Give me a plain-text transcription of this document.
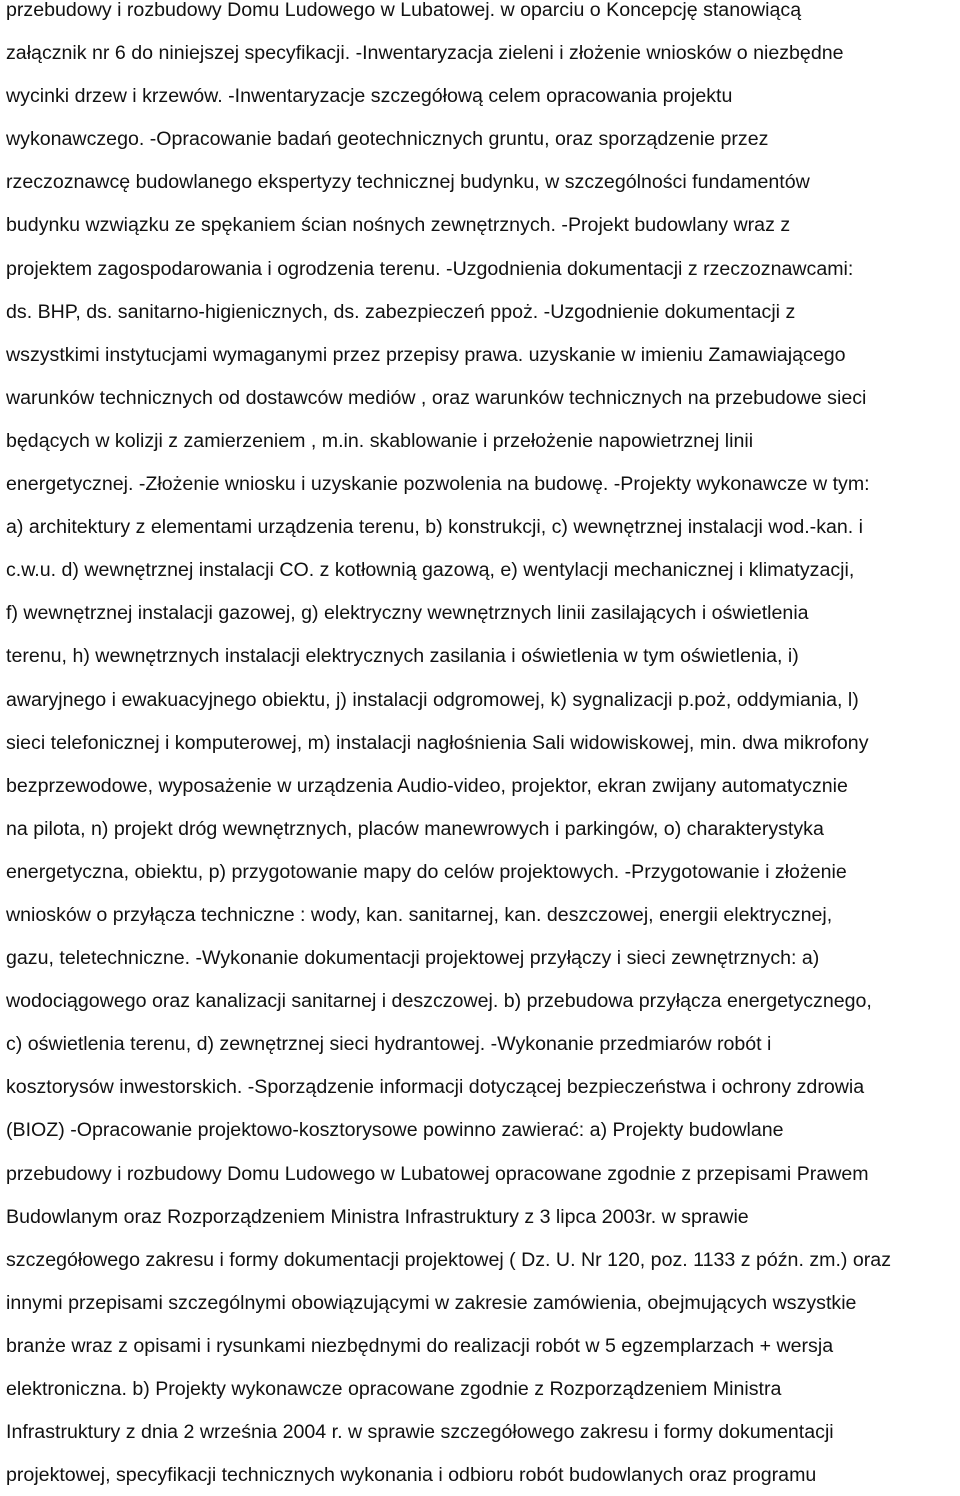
przebudowy i rozbudowy Domu Ludowego w Lubatowej. w oparciu o Koncepcję stanowiącą
załącznik nr 6 do niniejszej specyfikacji. -Inwentaryzacja zieleni i złożenie wniosków o niezbędne
wycinki drzew i krzewów. -Inwentaryzacje szczegółową celem opracowania projektu
wykonawczego. -Opracowanie badań geotechnicznych gruntu, oraz sporządzenie przez
rzeczoznawcę budowlanego ekspertyzy technicznej budynku, w szczególności fundamentów
budynku wzwiązku ze spękaniem ścian nośnych zewnętrznych. -Projekt budowlany wraz z
projektem zagospodarowania i ogrodzenia terenu. -Uzgodnienia dokumentacji z rzeczoznawcami:
ds. BHP, ds. sanitarno-higienicznych, ds. zabezpieczeń ppoż. -Uzgodnienie dokumentacji z
wszystkimi instytucjami wymaganymi przez przepisy prawa. uzyskanie w imieniu Zamawiającego
warunków technicznych od dostawców mediów , oraz warunków technicznych na przebudowe sieci
będących w kolizji z zamierzeniem , m.in. skablowanie i przełożenie napowietrznej linii
energetycznej. -Złożenie wniosku i uzyskanie pozwolenia na budowę. -Projekty wykonawcze w tym:
a) architektury z elementami urządzenia terenu, b) konstrukcji, c) wewnętrznej instalacji wod.-kan. i
c.w.u. d) wewnętrznej instalacji CO. z kotłownią gazową, e) wentylacji mechanicznej i klimatyzacji,
f) wewnętrznej instalacji gazowej, g) elektryczny wewnętrznych linii zasilających i oświetlenia
terenu, h) wewnętrznych instalacji elektrycznych zasilania i oświetlenia w tym oświetlenia, i)
awaryjnego i ewakuacyjnego obiektu, j) instalacji odgromowej, k) sygnalizacji p.poż, oddymiania, l)
sieci telefonicznej i komputerowej, m) instalacji nagłośnienia Sali widowiskowej, min. dwa mikrofony
bezprzewodowe, wyposażenie w urządzenia Audio-video, projektor, ekran zwijany automatycznie
na pilota, n) projekt dróg wewnętrznych, placów manewrowych i parkingów, o) charakterystyka
energetyczna, obiektu, p) przygotowanie mapy do celów projektowych. -Przygotowanie i złożenie
wniosków o przyłącza techniczne : wody, kan. sanitarnej, kan. deszczowej, energii elektrycznej,
gazu, teletechniczne. -Wykonanie dokumentacji projektowej przyłączy i sieci zewnętrznych: a)
wodociągowego oraz kanalizacji sanitarnej i deszczowej. b) przebudowa przyłącza energetycznego,
c) oświetlenia terenu, d) zewnętrznej sieci hydrantowej. -Wykonanie przedmiarów robót i
kosztorysów inwestorskich. -Sporządzenie informacji dotyczącej bezpieczeństwa i ochrony zdrowia
(BIOZ) -Opracowanie projektowo-kosztorysowe powinno zawierać: a) Projekty budowlane
przebudowy i rozbudowy Domu Ludowego w Lubatowej opracowane zgodnie z przepisami Prawem
Budowlanym oraz Rozporządzeniem Ministra Infrastruktury z 3 lipca 2003r. w sprawie
szczegółowego zakresu i formy dokumentacji projektowej ( Dz. U. Nr 120, poz. 1133 z późn. zm.) oraz
innymi przepisami szczególnymi obowiązującymi w zakresie zamówienia, obejmujących wszystkie
branże wraz z opisami i rysunkami niezbędnymi do realizacji robót w 5 egzemplarzach + wersja
elektroniczna. b) Projekty wykonawcze opracowane zgodnie z Rozporządzeniem Ministra
Infrastruktury z dnia 2 września 2004 r. w sprawie szczegółowego zakresu i formy dokumentacji
projektowej, specyfikacji technicznych wykonania i odbioru robót budowlanych oraz programu
